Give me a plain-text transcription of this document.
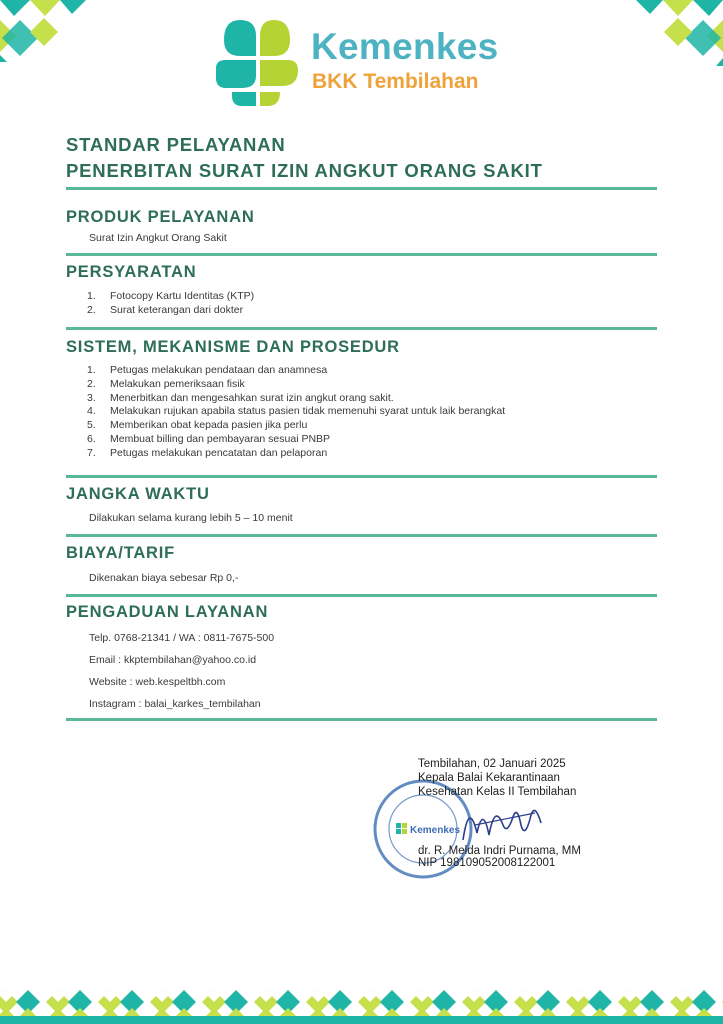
Kemenkes
BKK Tembilahan
STANDAR PELAYANAN
PENERBITAN SURAT IZIN ANGKUT ORANG SAKIT
PRODUK PELAYANAN
Surat Izin Angkut Orang Sakit
PERSYARATAN
1. Fotocopy Kartu Identitas (KTP)
2. Surat keterangan dari dokter
SISTEM, MEKANISME DAN PROSEDUR
1. Petugas melakukan pendataan dan anamnesa
2. Melakukan pemeriksaan fisik
3. Menerbitkan dan mengesahkan surat izin angkut orang sakit.
4. Melakukan rujukan apabila status pasien tidak memenuhi syarat untuk laik berangkat
5. Memberikan obat kepada pasien jika perlu
6. Membuat billing dan pembayaran sesuai PNBP
7. Petugas melakukan pencatatan dan pelaporan
JANGKA WAKTU
Dilakukan selama kurang lebih 5 – 10 menit
BIAYA/TARIF
Dikenakan biaya sebesar Rp 0,-
PENGADUAN LAYANAN
Telp. 0768-21341 / WA : 0811-7675-500
Email : kkptembilahan@yahoo.co.id
Website : web.kespeltbh.com
Instagram : balai_karkes_tembilahan
Kemenkes
Tembilahan, 02 Januari 2025
Kepala Balai Kekarantinaan
Kesehatan Kelas II Tembilahan
dr. R. Melda Indri Purnama, MM
NIP 198109052008122001
